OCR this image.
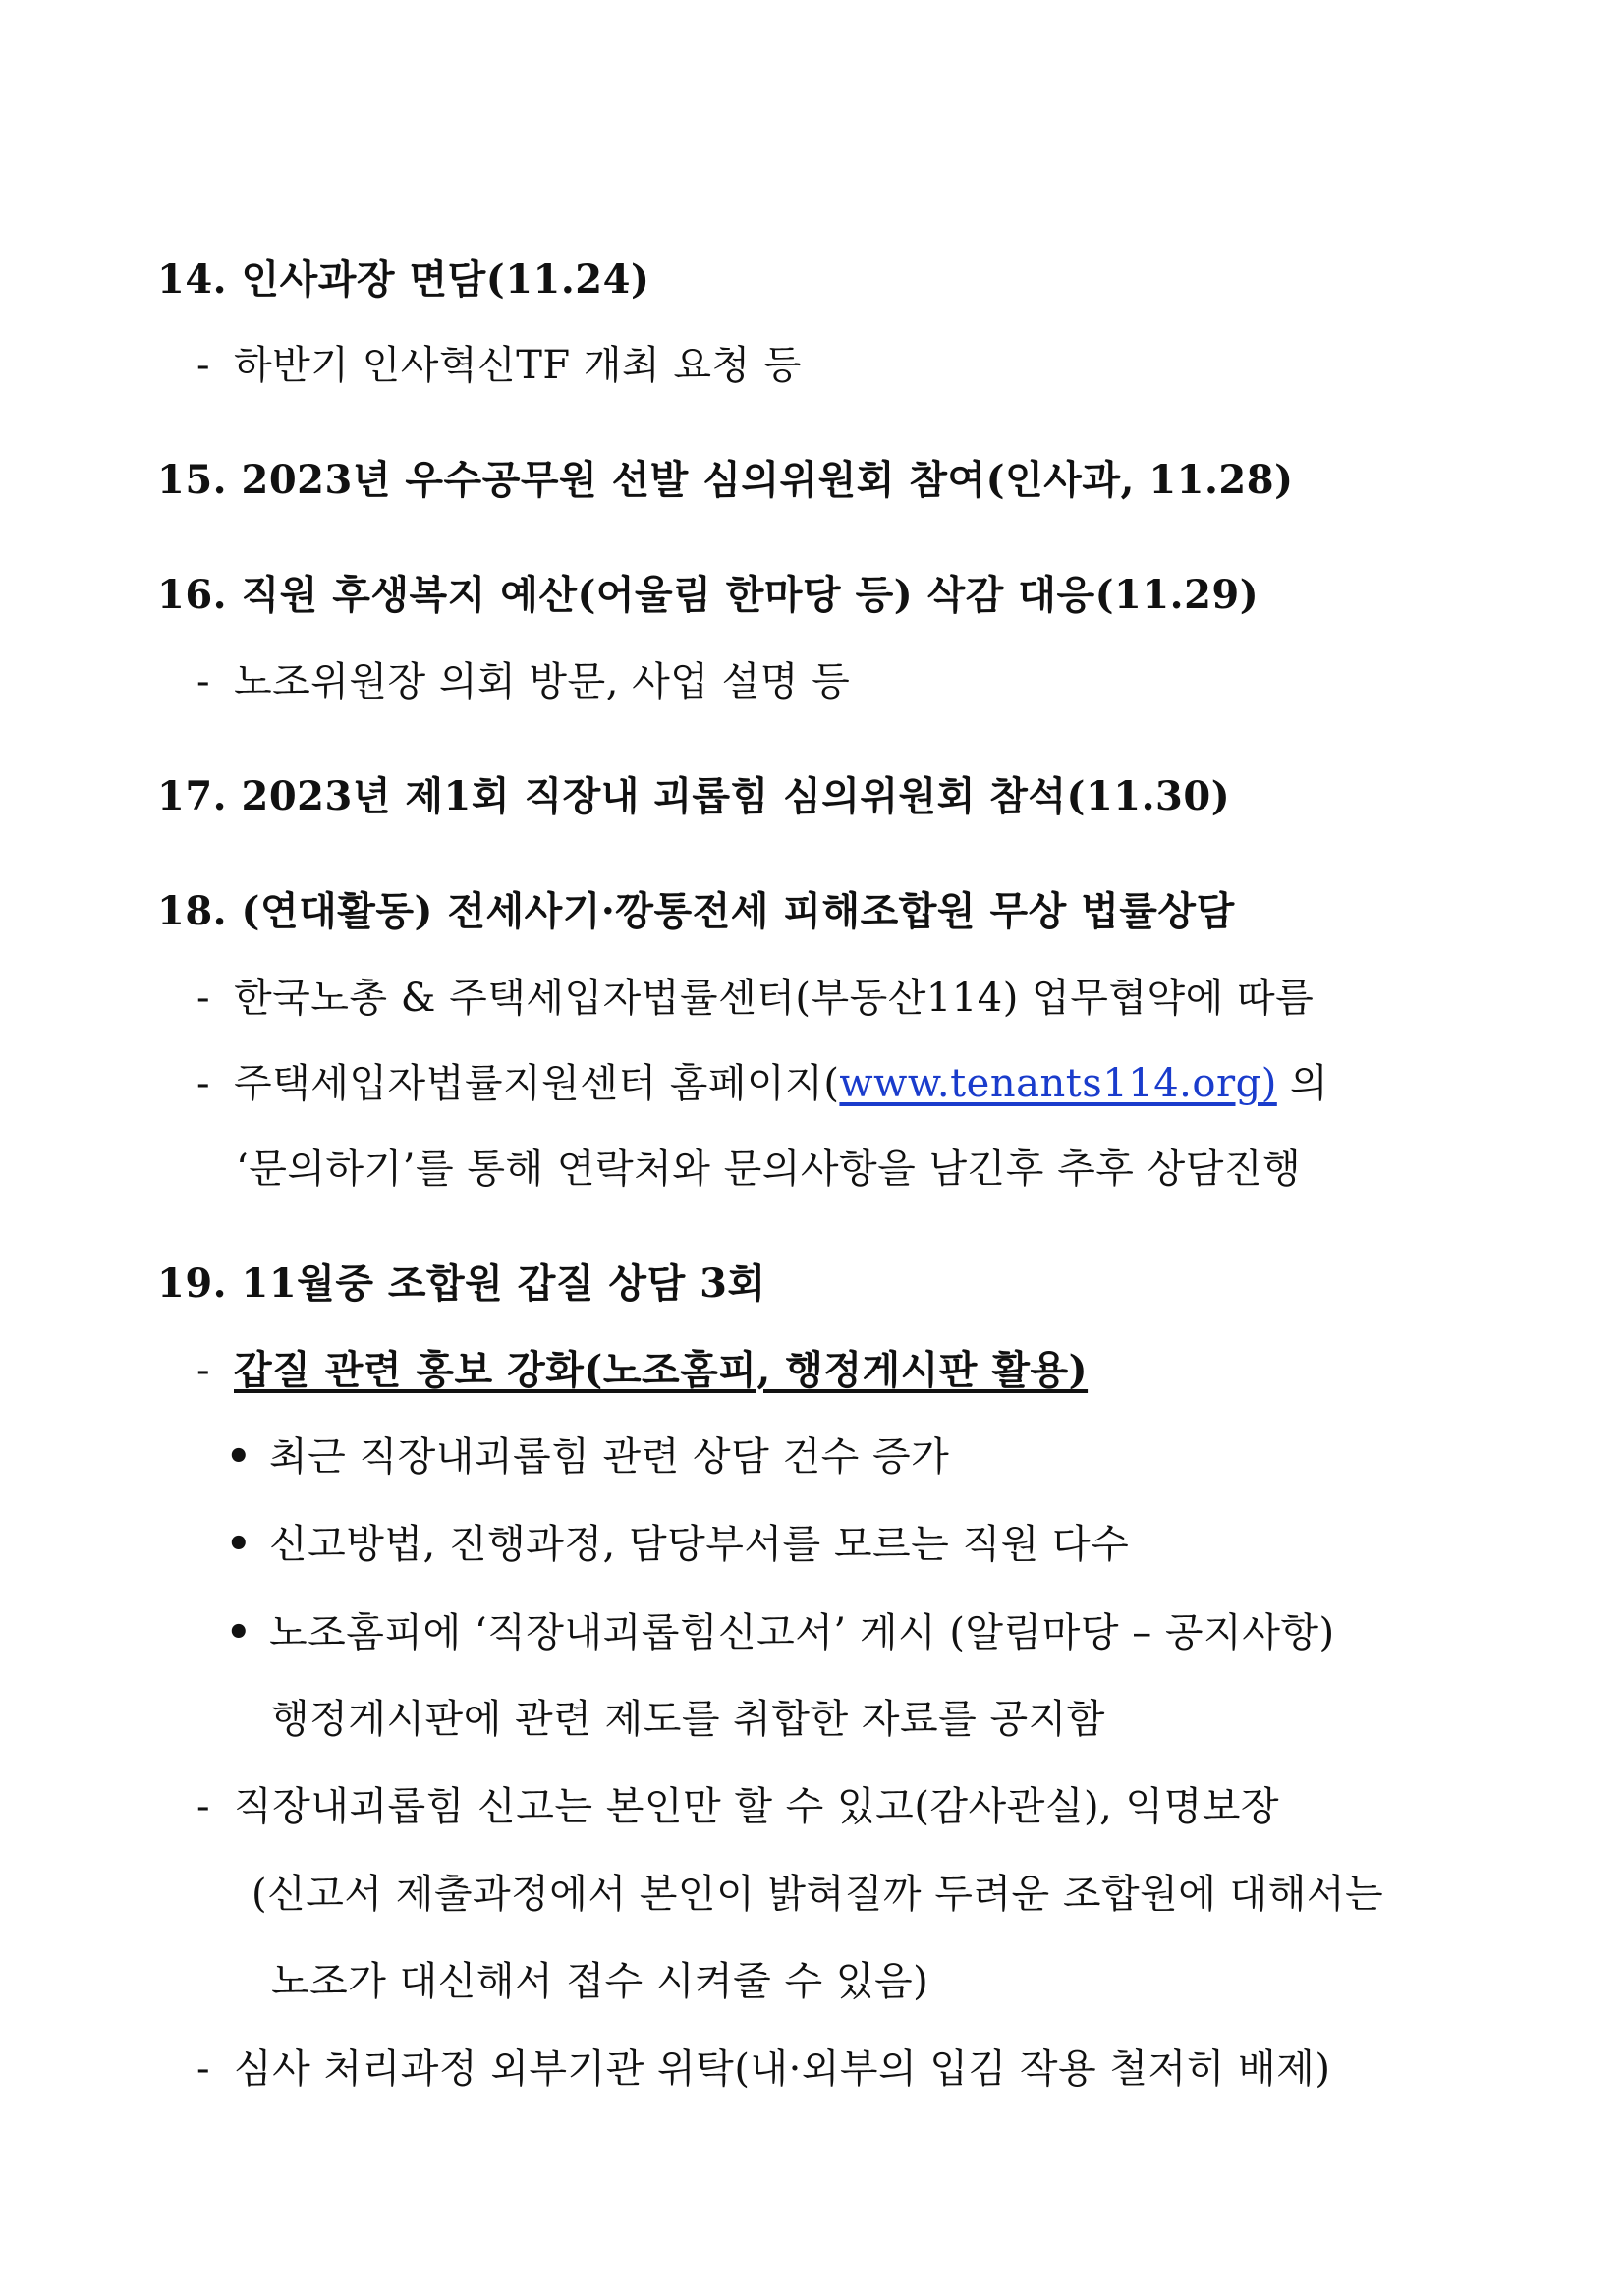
14. 인사과장 면담(11.24)
- 하반기 인사혁신TF 개최 요청 등
15. 2023년 우수공무원 선발 심의위원회 참여(인사과, 11.28)
16. 직원 후생복지 예산(어울림 한마당 등) 삭감 대응(11.29)
- 노조위원장 의회 방문, 사업 설명 등
17. 2023년 제1회 직장내 괴롭힘 심의위원회 참석(11.30)
18. (연대활동) 전세사기·깡통전세 피해조합원 무상 법률상담
- 한국노총 & 주택세입자법률센터(부동산114) 업무협약에 따름
- 주택세입자법률지원센터 홈페이지(www.tenants114.org) 의
‘문의하기’를 통해 연락처와 문의사항을 남긴후 추후 상담진행
19. 11월중 조합원 갑질 상담 3회
- 갑질 관련 홍보 강화(노조홈피, 행정게시판 활용)
• 최근 직장내괴롭힘 관련 상담 건수 증가
• 신고방법, 진행과정, 담당부서를 모르는 직원 다수
• 노조홈피에 ‘직장내괴롭힘신고서’ 게시 (알림마당 – 공지사항)
행정게시판에 관련 제도를 취합한 자료를 공지함
- 직장내괴롭힘 신고는 본인만 할 수 있고(감사관실), 익명보장
(신고서 제출과정에서 본인이 밝혀질까 두려운 조합원에 대해서는
노조가 대신해서 접수 시켜줄 수 있음)
- 심사 처리과정 외부기관 위탁(내·외부의 입김 작용 철저히 배제)
